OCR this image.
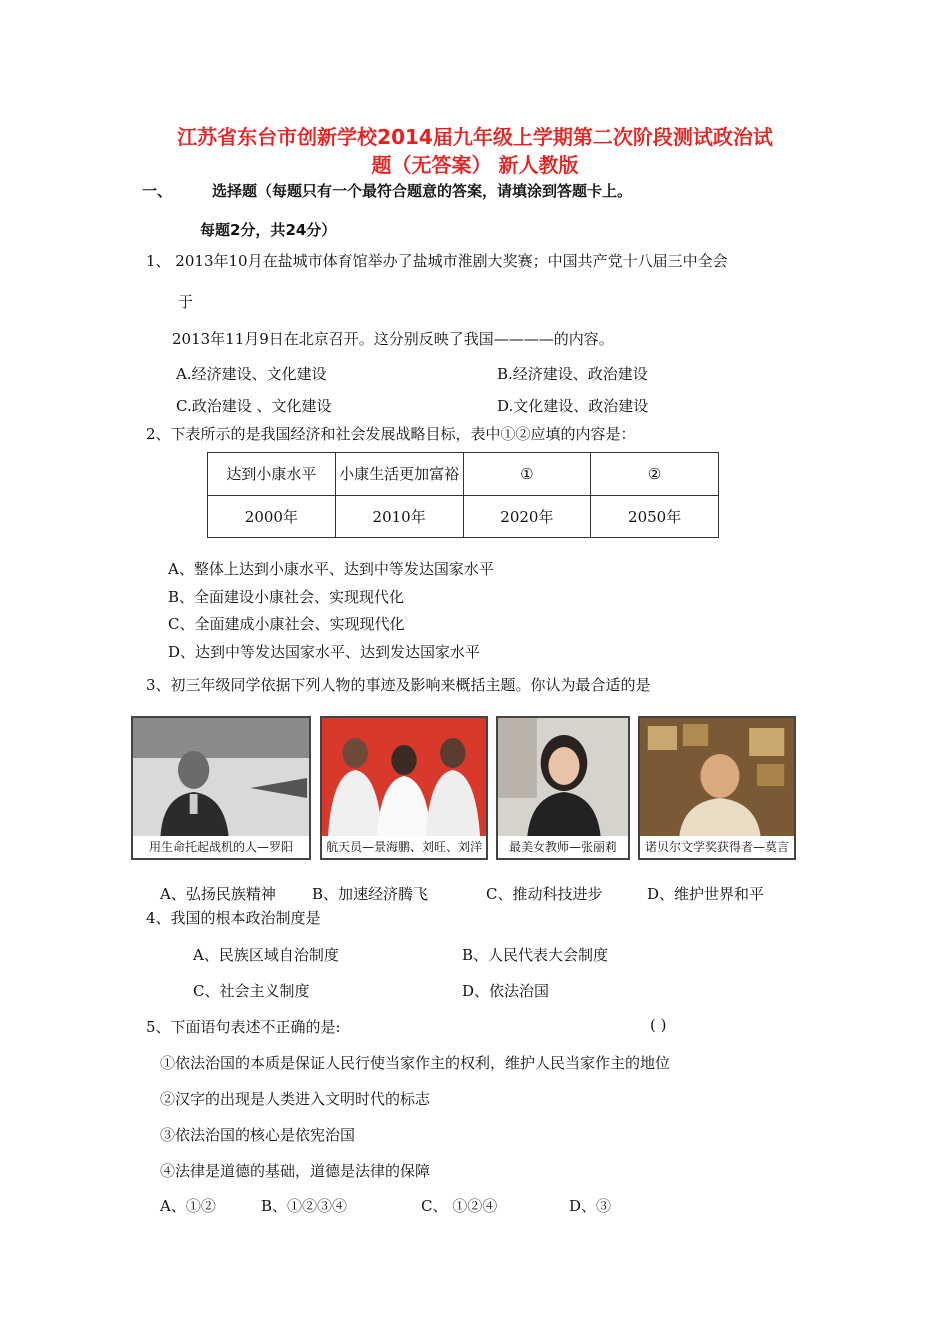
江苏省东台市创新学校2014届九年级上学期第二次阶段测试政治试
题（无答案） 新人教版
一、	选择题（每题只有一个最符合题意的答案，请填涂到答题卡上。
每题2分，共24分）
1、 2013年10月在盐城市体育馆举办了盐城市淮剧大奖赛；中国共产党十八届三中全会
于
2013年11月9日在北京召开。这分别反映了我国————的内容。
A.经济建设、文化建设	B.经济建设、政治建设
C.政治建设 、文化建设	D.文化建设、政治建设
2、下表所示的是我国经济和社会发展战略目标，表中①②应填的内容是：
达到小康水平	小康生活更加富裕	①	②
2000年	2010年	2020年	2050年
A、整体上达到小康水平、达到中等发达国家水平
B、全面建设小康社会、实现现代化
C、全面建成小康社会、实现现代化
D、达到中等发达国家水平、达到发达国家水平
3、初三年级同学依据下列人物的事迹及影响来概括主题。你认为最合适的是
用生命托起战机的人—罗阳	航天员—景海鹏、刘旺、刘洋	最美女教师—张丽莉	诺贝尔文学奖获得者—莫言
A、弘扬民族精神 B、加速经济腾飞	C、推动科技进步	D、维护世界和平
4、我国的根本政治制度是
A、民族区域自治制度	B、人民代表大会制度
C、社会主义制度	D、依法治国
5、下面语句表述不正确的是:	( )
①依法治国的本质是保证人民行使当家作主的权利，维护人民当家作主的地位
②汉字的出现是人类进入文明时代的标志
③依法治国的核心是依宪治国
④法律是道德的基础，道德是法律的保障
A、①②	B、①②③④	C、 ①②④	D、③
